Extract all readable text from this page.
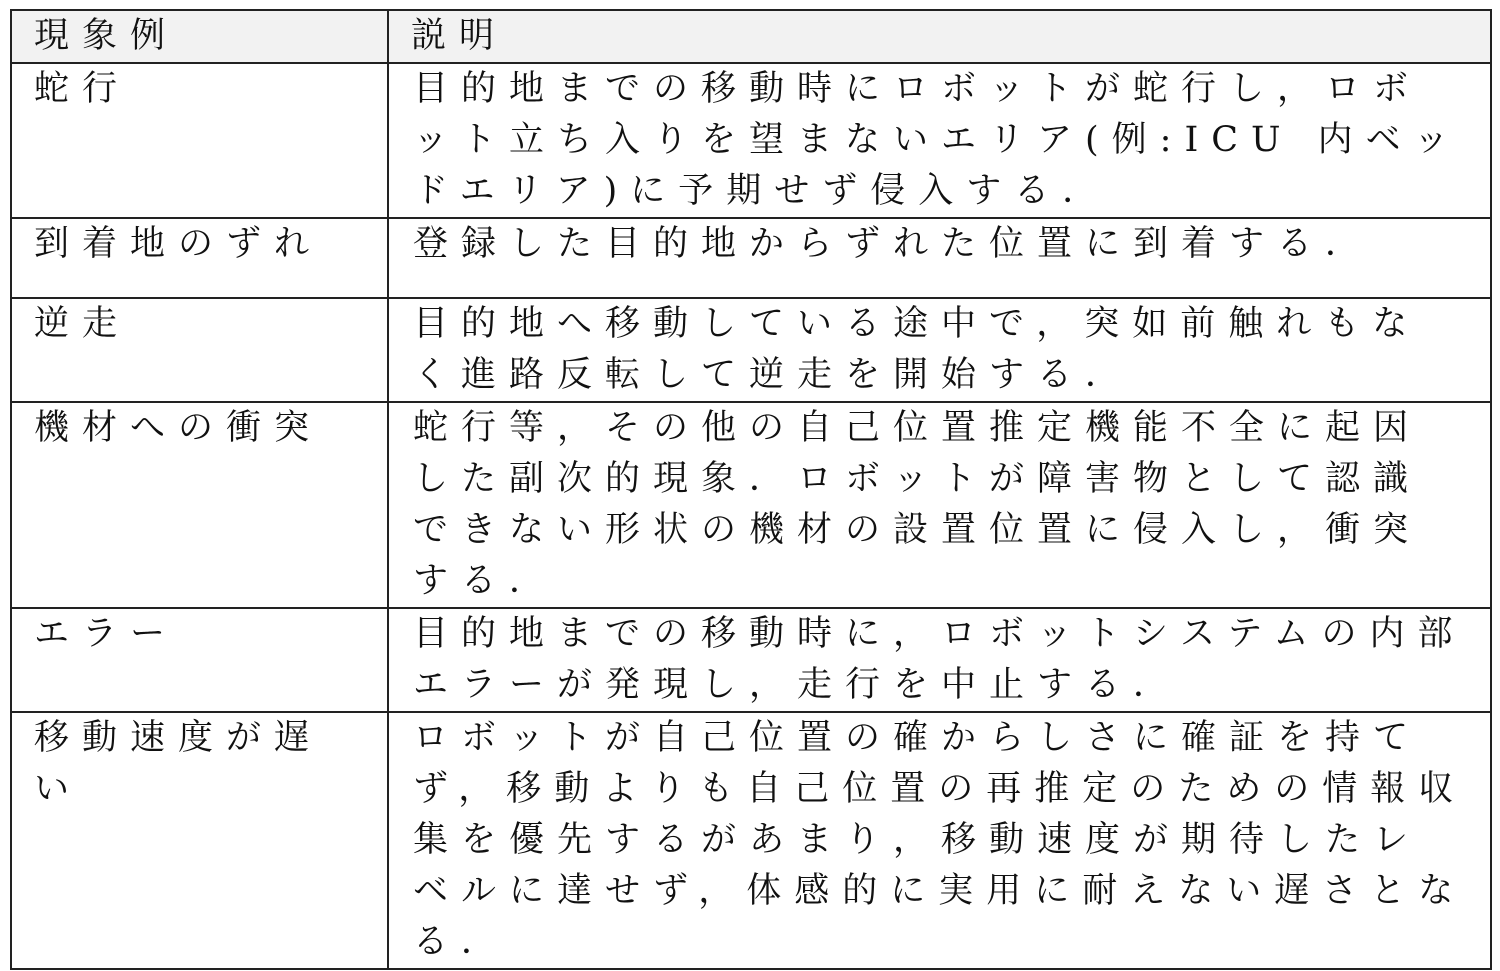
現象例	説明
蛇行	目的地までの移動時にロボットが蛇行し，ロボット立ち入りを望まないエリア(例:ICU 内ベッドエリア)に予期せず侵入する．
到着地のずれ	登録した目的地からずれた位置に到着する．
逆走	目的地へ移動している途中で，突如前触れもなく進路反転して逆走を開始する．
機材への衝突	蛇行等，その他の自己位置推定機能不全に起因した副次的現象．ロボットが障害物として認識できない形状の機材の設置位置に侵入し，衝突する．
エラー	目的地までの移動時に，ロボットシステムの内部エラーが発現し，走行を中止する．
移動速度が遅い	ロボットが自己位置の確からしさに確証を持てず，移動よりも自己位置の再推定のための情報収集を優先するがあまり，移動速度が期待したレベルに達せず，体感的に実用に耐えない遅さとなる．
